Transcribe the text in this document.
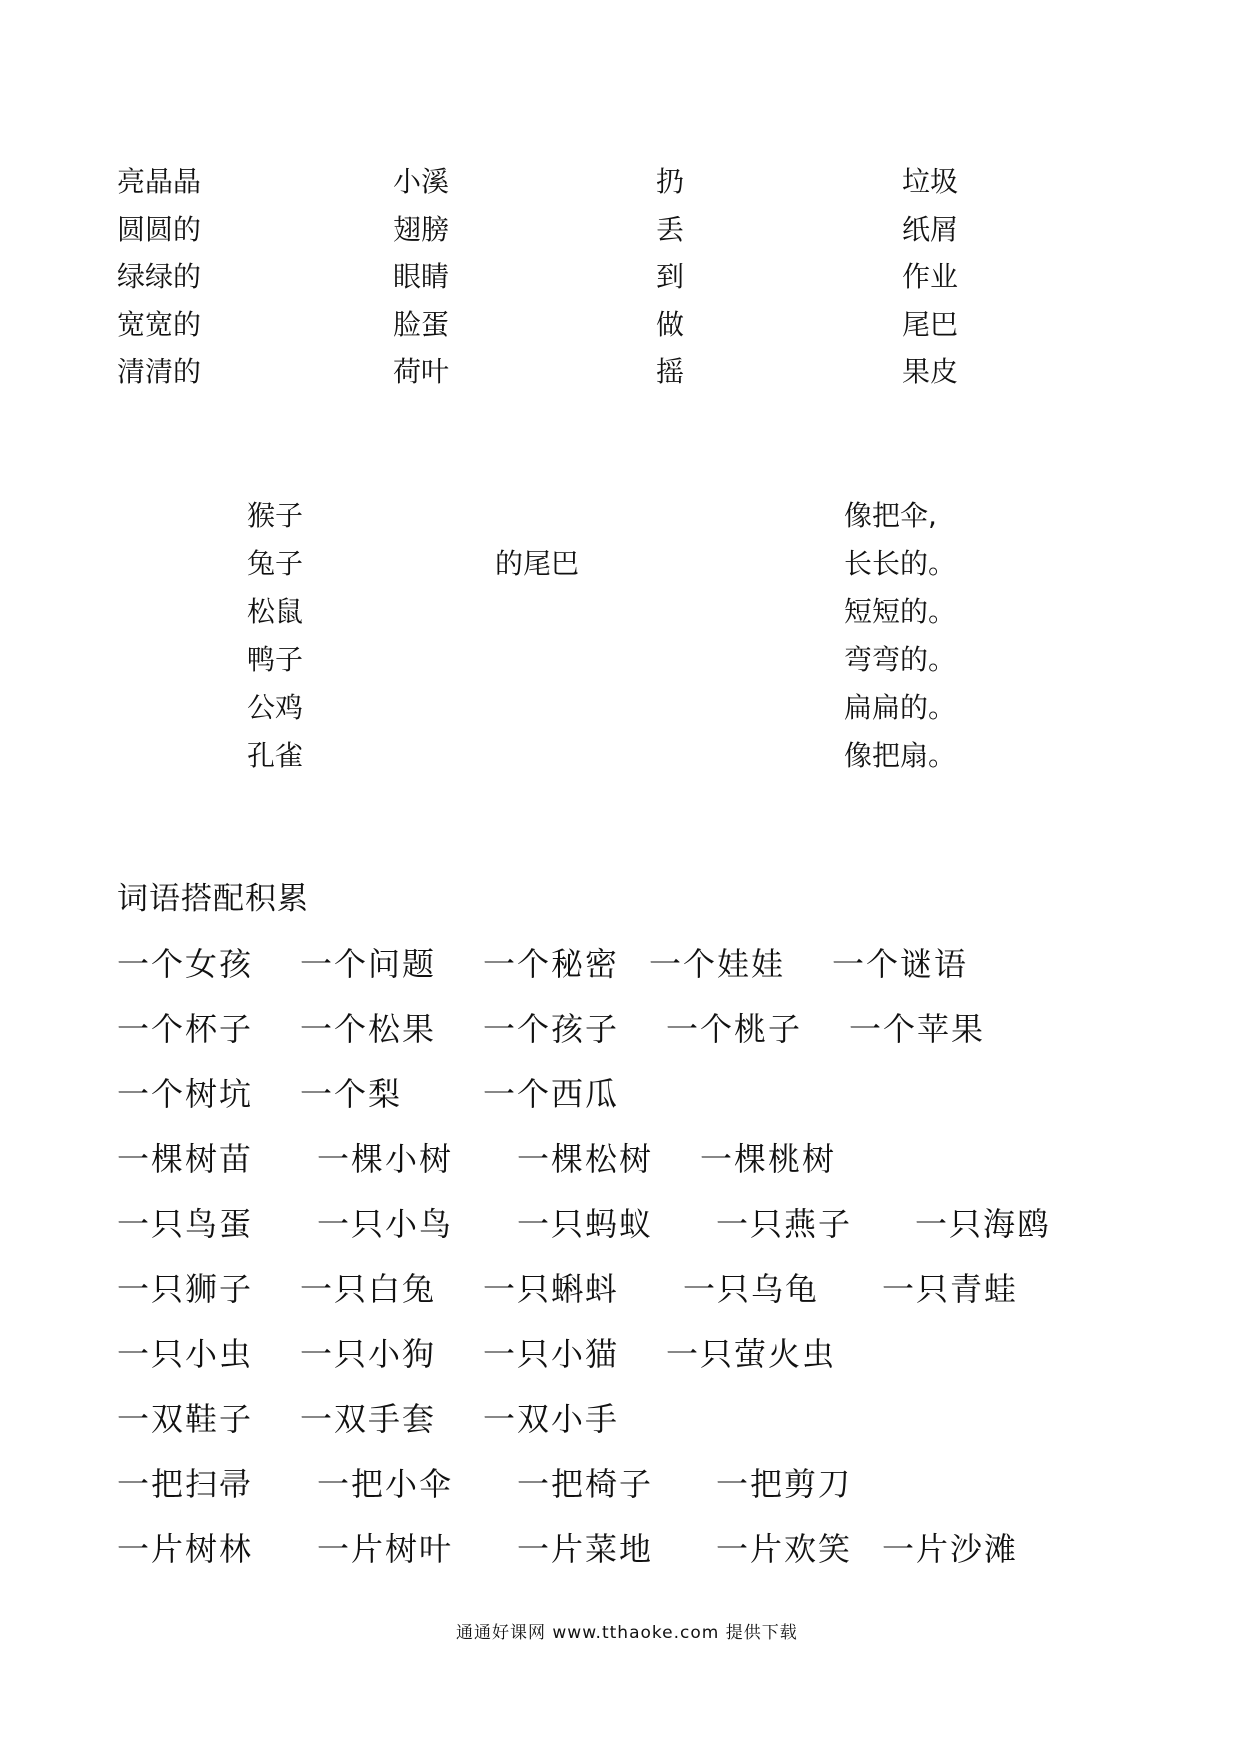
亮晶晶
圆圆的
绿绿的
宽宽的
清清的
小溪
翅膀
眼睛
脸蛋
荷叶
扔
丢
到
做
摇
垃圾
纸屑
作业
尾巴
果皮
猴子
兔子
松鼠
鸭子
公鸡
孔雀
的尾巴
像把伞,
长长的。
短短的。
弯弯的。
扁扁的。
像把扇。
词语搭配积累
一个女孩 一个问题 一个秘密 一个娃娃 一个谜语
一个杯子 一个松果 一个孩子 一个桃子 一个苹果
一个树坑 一个梨	一个西瓜
一棵树苗 一棵小树 一棵松树 一棵桃树
一只鸟蛋 一只小鸟 一只蚂蚁 一只燕子 一只海鸥
一只狮子 一只白兔 一只蝌蚪 一只乌龟 一只青蛙
一只小虫 一只小狗 一只小猫 一只萤火虫
一双鞋子 一双手套 一双小手
一把扫帚 一把小伞 一把椅子 一把剪刀
一片树林 一片树叶 一片菜地 一片欢笑 一片沙滩
通通好课网 www.tthaoke.com 提供下载
